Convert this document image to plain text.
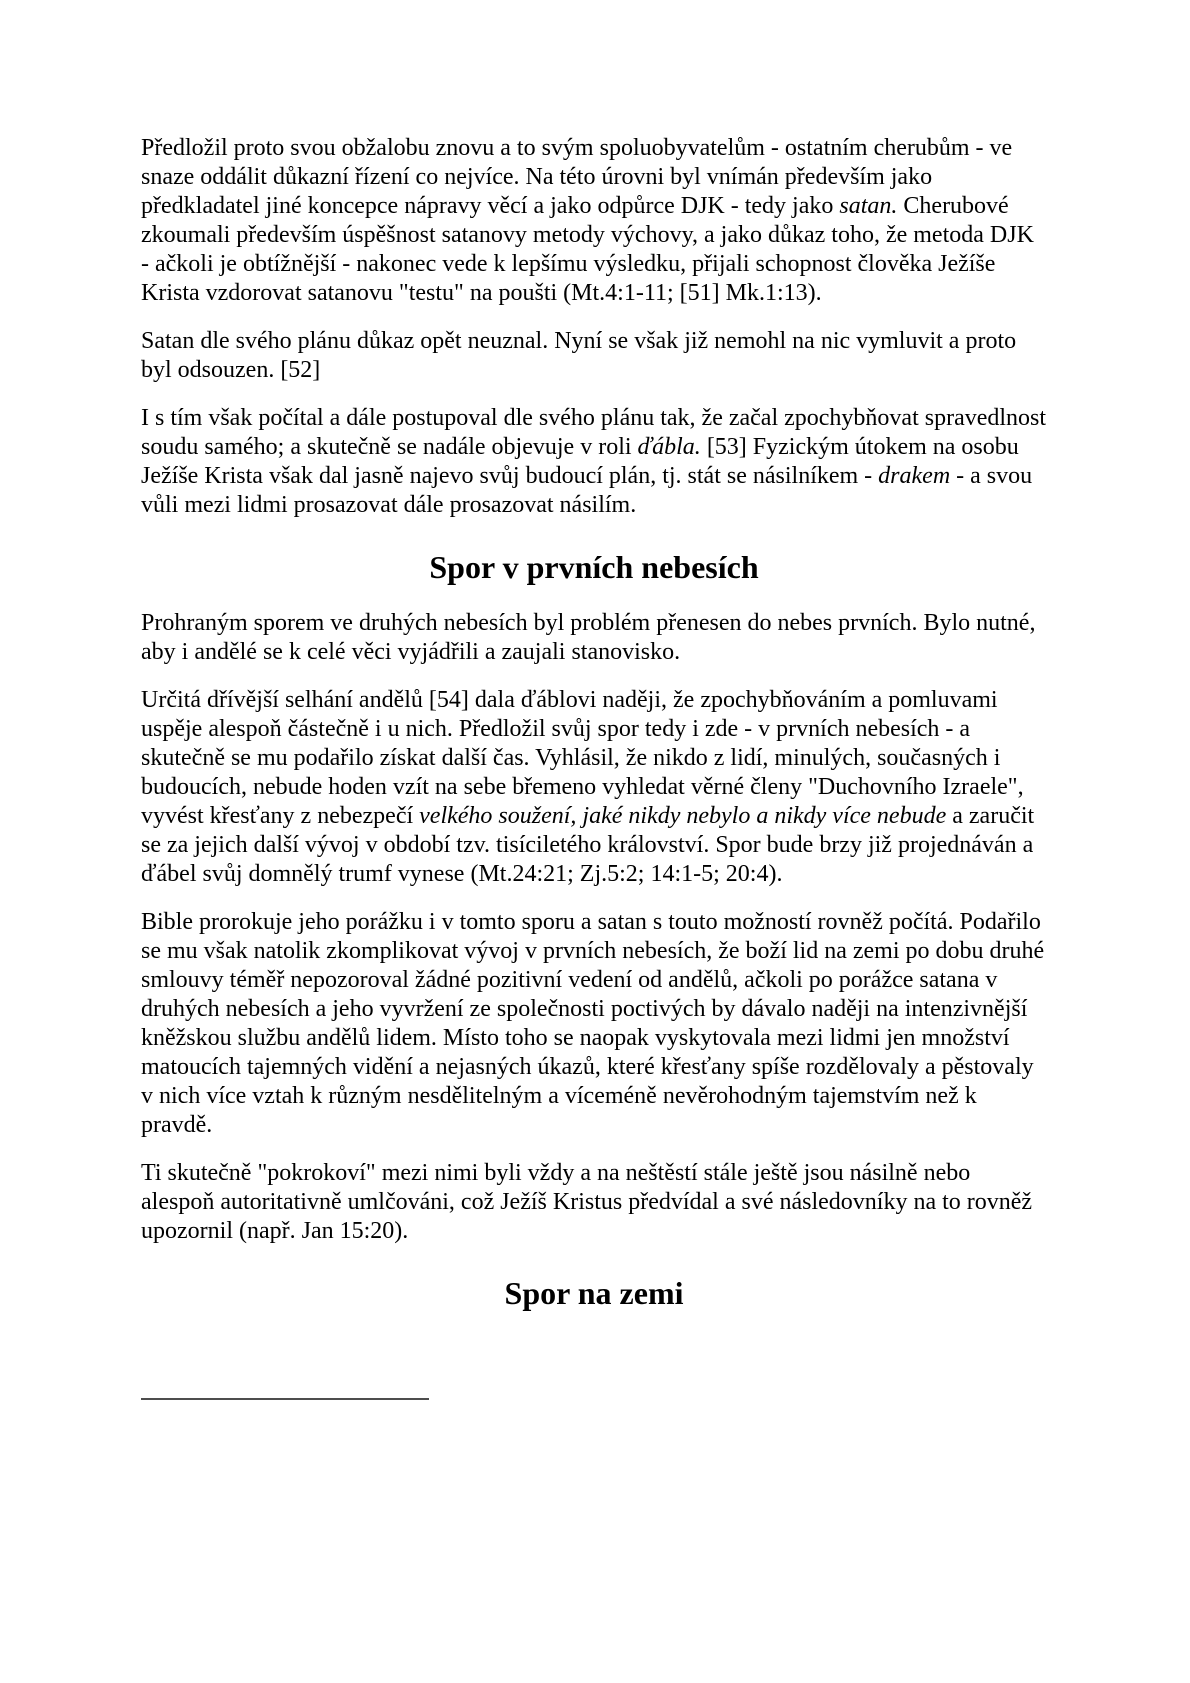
Předložil proto svou obžalobu znovu a to svým spoluobyvatelům - ostatním cherubům - ve snaze oddálit důkazní řízení co nejvíce. Na této úrovni byl vnímán především jako předkladatel jiné koncepce nápravy věcí a jako odpůrce DJK - tedy jako satan. Cherubové zkoumali především úspěšnost satanovy metody výchovy, a jako důkaz toho, že metoda DJK - ačkoli je obtížnější - nakonec vede k lepšímu výsledku, přijali schopnost člověka Ježíše Krista vzdorovat satanovu "testu" na poušti (Mt.4:1-11; [51] Mk.1:13).

Satan dle svého plánu důkaz opět neuznal. Nyní se však již nemohl na nic vymluvit a proto byl odsouzen. [52]

I s tím však počítal a dále postupoval dle svého plánu tak, že začal zpochybňovat spravedlnost soudu samého; a skutečně se nadále objevuje v roli ďábla. [53] Fyzickým útokem na osobu Ježíše Krista však dal jasně najevo svůj budoucí plán, tj. stát se násilníkem - drakem - a svou vůli mezi lidmi prosazovat dále prosazovat násilím.

Spor v prvních nebesích

Prohraným sporem ve druhých nebesích byl problém přenesen do nebes prvních. Bylo nutné, aby i andělé se k celé věci vyjádřili a zaujali stanovisko.

Určitá dřívější selhání andělů [54] dala ďáblovi naději, že zpochybňováním a pomluvami uspěje alespoň částečně i u nich. Předložil svůj spor tedy i zde - v prvních nebesích - a skutečně se mu podařilo získat další čas. Vyhlásil, že nikdo z lidí, minulých, současných i budoucích, nebude hoden vzít na sebe břemeno vyhledat věrné členy "Duchovního Izraele", vyvést křesťany z nebezpečí velkého soužení, jaké nikdy nebylo a nikdy více nebude a zaručit se za jejich další vývoj v období tzv. tisíciletého království. Spor bude brzy již projednáván a ďábel svůj domnělý trumf vynese (Mt.24:21; Zj.5:2; 14:1-5; 20:4).

Bible prorokuje jeho porážku i v tomto sporu a satan s touto možností rovněž počítá. Podařilo se mu však natolik zkomplikovat vývoj v prvních nebesích, že boží lid na zemi po dobu druhé smlouvy téměř nepozoroval žádné pozitivní vedení od andělů, ačkoli po porážce satana v druhých nebesích a jeho vyvržení ze společnosti poctivých by dávalo naději na intenzivnější kněžskou službu andělů lidem. Místo toho se naopak vyskytovala mezi lidmi jen množství matoucích tajemných vidění a nejasných úkazů, které křesťany spíše rozdělovaly a pěstovaly v nich více vztah k různým nesdělitelným a víceméně nevěrohodným tajemstvím než k pravdě.

Ti skutečně "pokrokoví" mezi nimi byli vždy a na neštěstí stále ještě jsou násilně nebo alespoň autoritativně umlčováni, což Ježíš Kristus předvídal a své následovníky na to rovněž upozornil (např. Jan 15:20).

Spor na zemi
